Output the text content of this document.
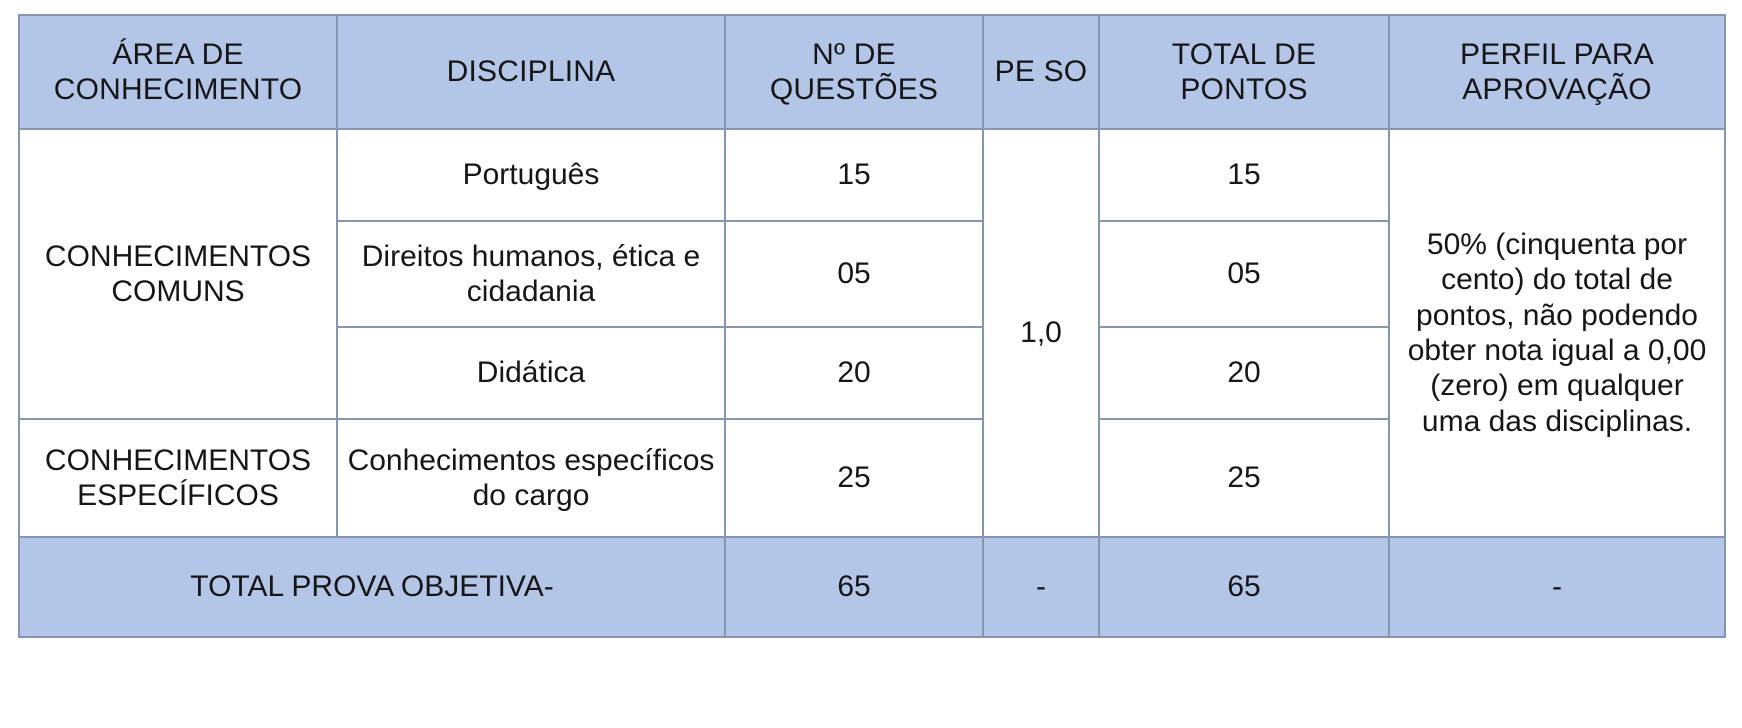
ÁREA DE CONHECIMENTO	DISCIPLINA	Nº DE QUESTÕES	PE SO	TOTAL DE PONTOS	PERFIL PARA APROVAÇÃO
CONHECIMENTOS COMUNS	Português	15	1,0	15	50% (cinquenta por cento) do total de pontos, não podendo obter nota igual a 0,00 (zero) em qualquer uma das disciplinas.
	Direitos humanos, ética e cidadania	05		05	
	Didática	20		20	
CONHECIMENTOS ESPECÍFICOS	Conhecimentos específicos do cargo	25		25	
TOTAL PROVA OBJETIVA-		65	-	65	-
